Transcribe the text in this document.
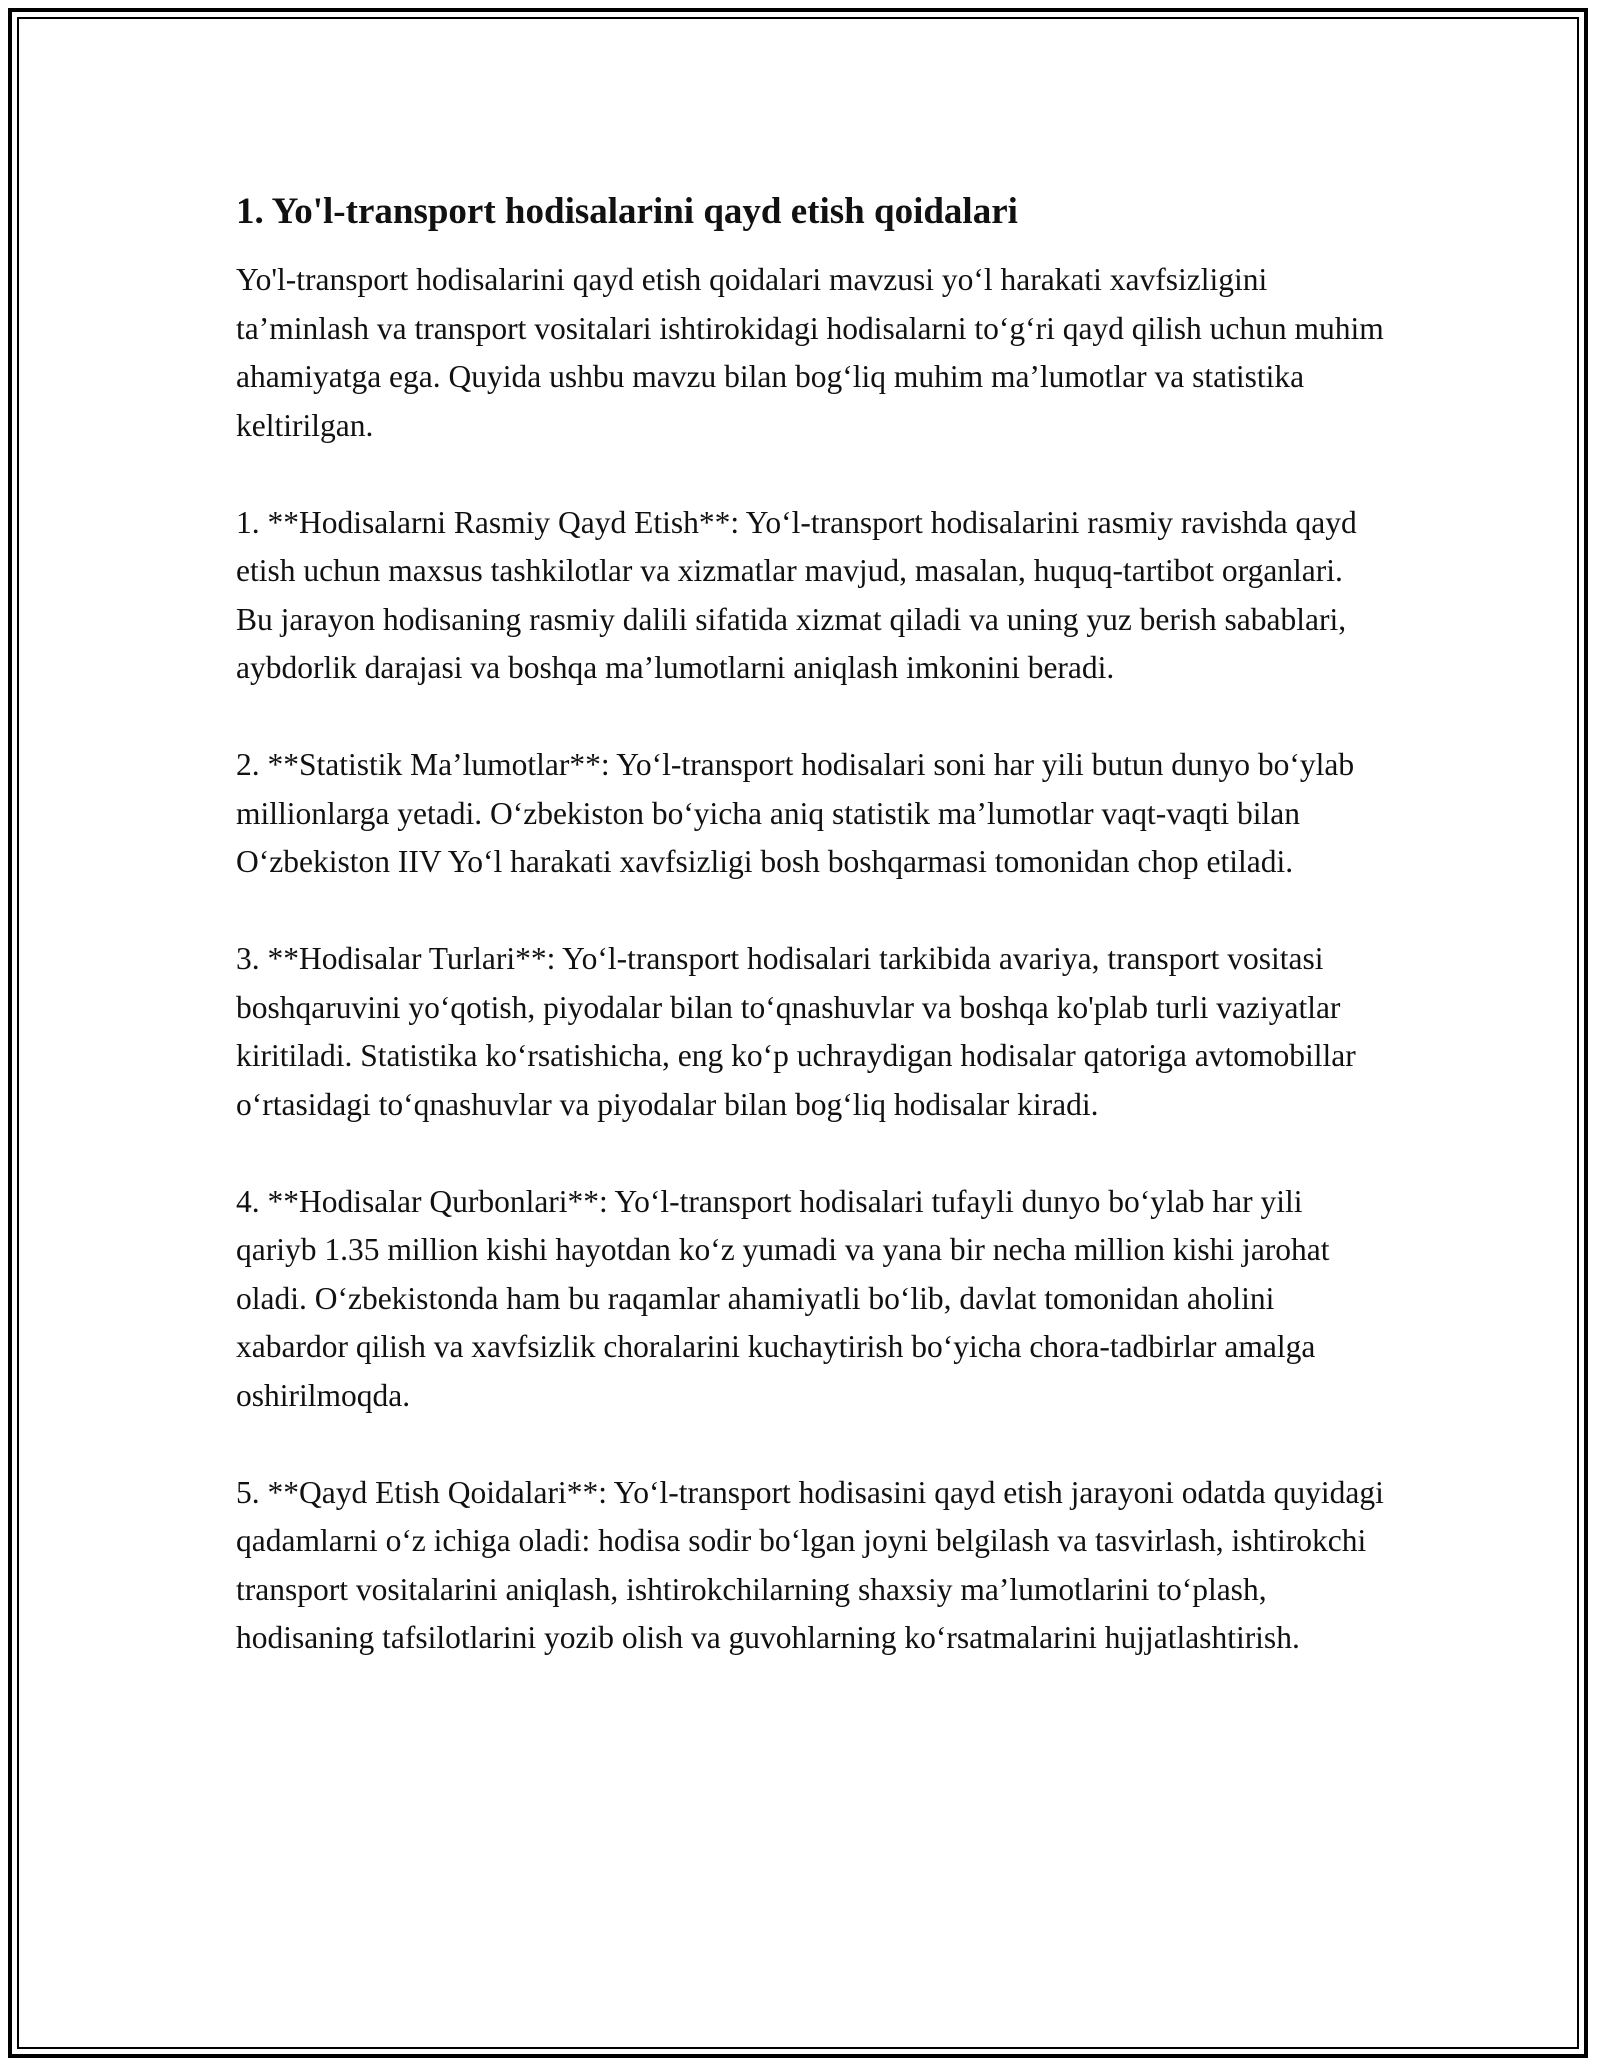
1. Yo'l-transport hodisalarini qayd etish qoidalari

Yo'l-transport hodisalarini qayd etish qoidalari mavzusi yo‘l harakati xavfsizligini ta’minlash va transport vositalari ishtirokidagi hodisalarni to‘g‘ri qayd qilish uchun muhim ahamiyatga ega. Quyida ushbu mavzu bilan bog‘liq muhim ma’lumotlar va statistika keltirilgan.

1. **Hodisalarni Rasmiy Qayd Etish**: Yo‘l-transport hodisalarini rasmiy ravishda qayd etish uchun maxsus tashkilotlar va xizmatlar mavjud, masalan, huquq-tartibot organlari. Bu jarayon hodisaning rasmiy dalili sifatida xizmat qiladi va uning yuz berish sabablari, aybdorlik darajasi va boshqa ma’lumotlarni aniqlash imkonini beradi.

2. **Statistik Ma’lumotlar**: Yo‘l-transport hodisalari soni har yili butun dunyo bo‘ylab millionlarga yetadi. O‘zbekiston bo‘yicha aniq statistik ma’lumotlar vaqt-vaqti bilan O‘zbekiston IIV Yo‘l harakati xavfsizligi bosh boshqarmasi tomonidan chop etiladi.

3. **Hodisalar Turlari**: Yo‘l-transport hodisalari tarkibida avariya, transport vositasi boshqaruvini yo‘qotish, piyodalar bilan to‘qnashuvlar va boshqa ko'plab turli vaziyatlar kiritiladi. Statistika ko‘rsatishicha, eng ko‘p uchraydigan hodisalar qatoriga avtomobillar o‘rtasidagi to‘qnashuvlar va piyodalar bilan bog‘liq hodisalar kiradi.

4. **Hodisalar Qurbonlari**: Yo‘l-transport hodisalari tufayli dunyo bo‘ylab har yili qariyb 1.35 million kishi hayotdan ko‘z yumadi va yana bir necha million kishi jarohat oladi. O‘zbekistonda ham bu raqamlar ahamiyatli bo‘lib, davlat tomonidan aholini xabardor qilish va xavfsizlik choralarini kuchaytirish bo‘yicha chora-tadbirlar amalga oshirilmoqda.

5. **Qayd Etish Qoidalari**: Yo‘l-transport hodisasini qayd etish jarayoni odatda quyidagi qadamlarni o‘z ichiga oladi: hodisa sodir bo‘lgan joyni belgilash va tasvirlash, ishtirokchi transport vositalarini aniqlash, ishtirokchilarning shaxsiy ma’lumotlarini to‘plash, hodisaning tafsilotlarini yozib olish va guvohlarning ko‘rsatmalarini hujjatlashtirish.
